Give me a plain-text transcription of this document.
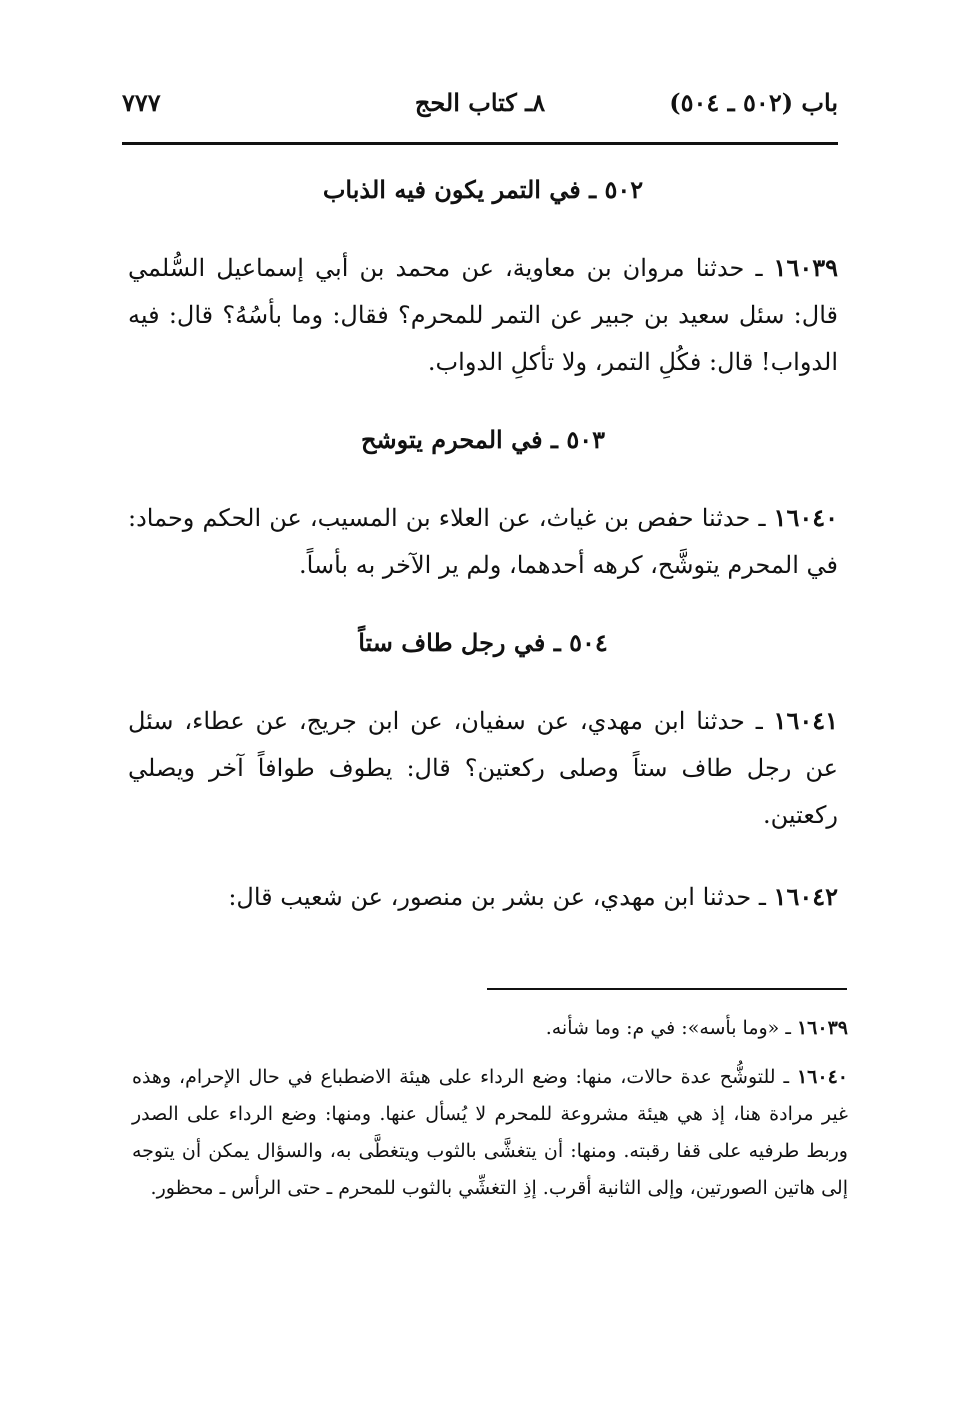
باب (٥٠٢ ـ ٥٠٤)
٨ـ كتاب الحج
٧٧٧
٥٠٢ ـ في التمر يكون فيه الذباب

١٦٠٣٩ ـ حدثنا مروان بن معاوية، عن محمد بن أبي إسماعيل السُّلمي قال: سئل سعيد بن جبير عن التمر للمحرم؟ فقال: وما بأسُهُ؟ قال: فيه الدواب! قال: فكُلِ التمر، ولا تأكلِ الدواب.

٥٠٣ ـ في المحرم يتوشح

١٦٠٤٠ ـ حدثنا حفص بن غياث، عن العلاء بن المسيب، عن الحكم وحماد: في المحرم يتوشَّح، كرهه أحدهما، ولم ير الآخر به بأساً.

٥٠٤ ـ في رجل طاف ستاً

١٦٠٤١ ـ حدثنا ابن مهدي، عن سفيان، عن ابن جريج، عن عطاء، سئل عن رجل طاف ستاً وصلى ركعتين؟ قال: يطوف طوافاً آخر ويصلي ركعتين.

١٦٠٤٢ ـ حدثنا ابن مهدي، عن بشر بن منصور، عن شعيب قال:

١٦٠٣٩ ـ «وما بأسه»: في م: وما شأنه.

١٦٠٤٠ ـ للتوشُّح عدة حالات، منها: وضع الرداء على هيئة الاضطباع في حال الإحرام، وهذه غير مرادة هنا، إذ هي هيئة مشروعة للمحرم لا يُسأل عنها. ومنها: وضع الرداء على الصدر وربط طرفيه على قفا رقبته. ومنها: أن يتغشَّى بالثوب ويتغطَّى به، والسؤال يمكن أن يتوجه إلى هاتين الصورتين، وإلى الثانية أقرب. إذِ التغشِّي بالثوب للمحرم ـ حتى الرأس ـ محظور.
